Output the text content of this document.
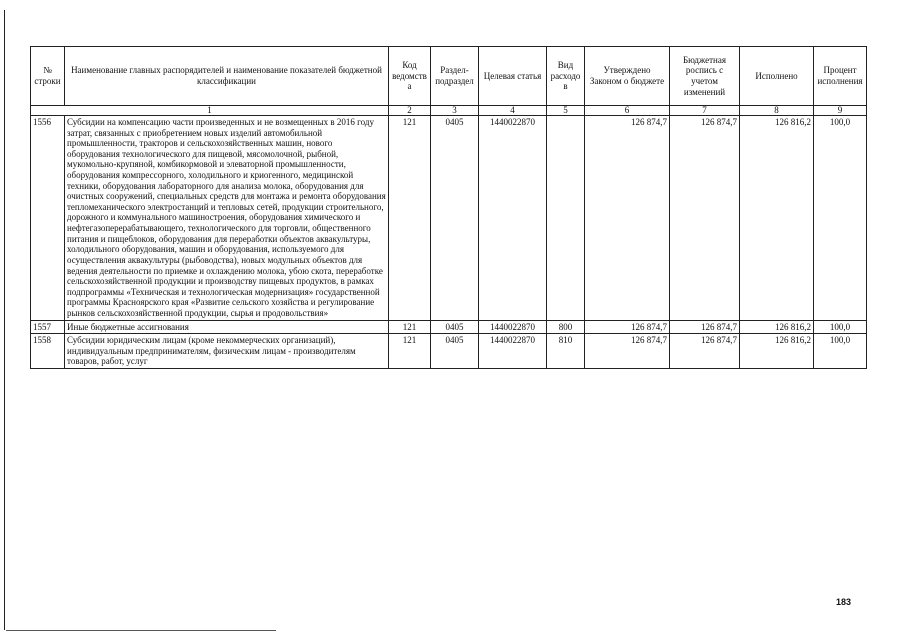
№ строки	Наименование главных распорядителей и наименование показателей бюджетной классификации	Код ведомства	Раздел-подраздел	Целевая статья	Вид расходов	Утверждено Законом о бюджете	Бюджетная роспись с учетом изменений	Исполнено	Процент исполнения
1		2	3	4	5	6	7	8	9
1556	Субсидии на компенсацию части произведенных и не возмещенных в 2016 году затрат, связанных с приобретением новых изделий автомобильной промышленности, тракторов и сельскохозяйственных машин, нового оборудования технологического для пищевой, мясомолочной, рыбной, мукомольно-крупяной, комбикормовой и элеваторной промышленности, оборудования компрессорного, холодильного и криогенного, медицинской техники, оборудования лабораторного для анализа молока, оборудования для очистных сооружений, специальных средств для монтажа и ремонта оборудования тепломеханического электростанций и тепловых сетей, продукции строительного, дорожного и коммунального машиностроения, оборудования химического и нефтегазоперерабатывающего, технологического для торговли, общественного питания и пищеблоков, оборудования для переработки объектов аквакультуры, холодильного оборудования, машин и оборудования, используемого для осуществления аквакультуры (рыбоводства), новых модульных объектов для ведения деятельности по приемке и охлаждению молока, убою скота, переработке сельскохозяйственной продукции и производству пищевых продуктов, в рамках подпрограммы «Техническая и технологическая модернизация» государственной программы Красноярского края «Развитие сельского хозяйства и регулирование рынков сельскохозяйственной продукции, сырья и продовольствия»	121	0405	1440022870		126 874,7	126 874,7	126 816,2	100,0
1557	Иные бюджетные ассигнования	121	0405	1440022870	800	126 874,7	126 874,7	126 816,2	100,0
1558	Субсидии юридическим лицам (кроме некоммерческих организаций), индивидуальным предпринимателям, физическим лицам - производителям товаров, работ, услуг	121	0405	1440022870	810	126 874,7	126 874,7	126 816,2	100,0
183
